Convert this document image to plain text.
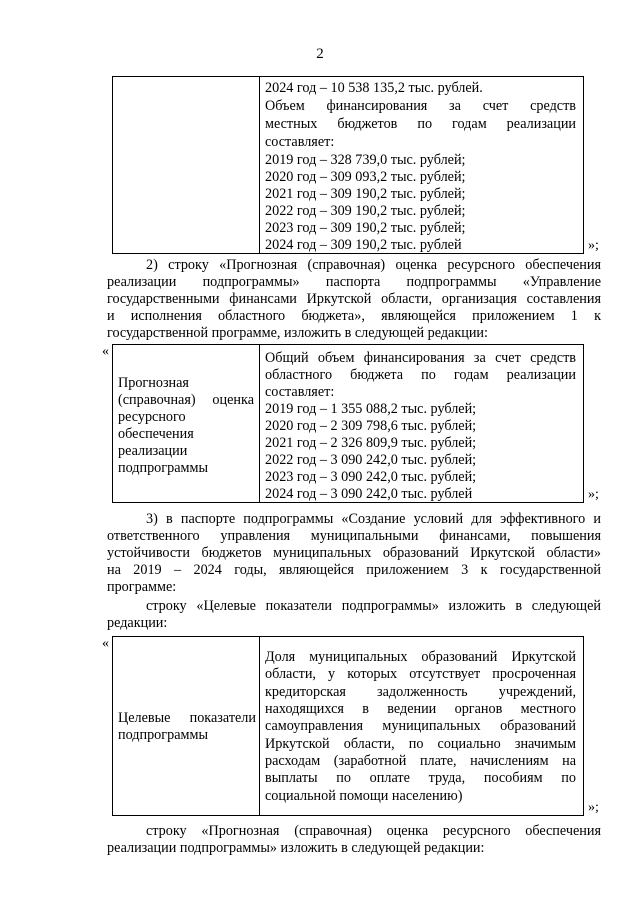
2
2024 год – 10 538 135,2 тыс. рублей.
Объем финансирования за счет средств
местных бюджетов по годам реализации
составляет:
2019 год – 328 739,0 тыс. рублей;
2020 год – 309 093,2 тыс. рублей;
2021 год – 309 190,2 тыс. рублей;
2022 год – 309 190,2 тыс. рублей;
2023 год – 309 190,2 тыс. рублей;
2024 год – 309 190,2 тыс. рублей	»;
2) строку «Прогнозная (справочная) оценка ресурсного обеспечения
реализации подпрограммы» паспорта подпрограммы «Управление
государственными финансами Иркутской области, организация составления
и исполнения областного бюджета», являющейся приложением 1 к
государственной программе, изложить в следующей редакции:
«
Прогнозная
(справочная) оценка
ресурсного
обеспечения
реализации
подпрограммы
Общий объем финансирования за счет средств
областного бюджета по годам реализации
составляет:
2019 год – 1 355 088,2 тыс. рублей;
2020 год – 2 309 798,6 тыс. рублей;
2021 год – 2 326 809,9 тыс. рублей;
2022 год – 3 090 242,0 тыс. рублей;
2023 год – 3 090 242,0 тыс. рублей;
2024 год – 3 090 242,0 тыс. рублей	»;
3) в паспорте подпрограммы «Создание условий для эффективного и
ответственного управления муниципальными финансами, повышения
устойчивости бюджетов муниципальных образований Иркутской области»
на 2019 – 2024 годы, являющейся приложением 3 к государственной
программе:
строку «Целевые показатели подпрограммы» изложить в следующей
редакции:
«
Целевые показатели
подпрограммы
Доля муниципальных образований Иркутской
области, у которых отсутствует просроченная
кредиторская задолженность учреждений,
находящихся в ведении органов местного
самоуправления муниципальных образований
Иркутской области, по социально значимым
расходам (заработной плате, начислениям на
выплаты по оплате труда, пособиям по
социальной помощи населению)
»;
строку «Прогнозная (справочная) оценка ресурсного обеспечения
реализации подпрограммы» изложить в следующей редакции:
